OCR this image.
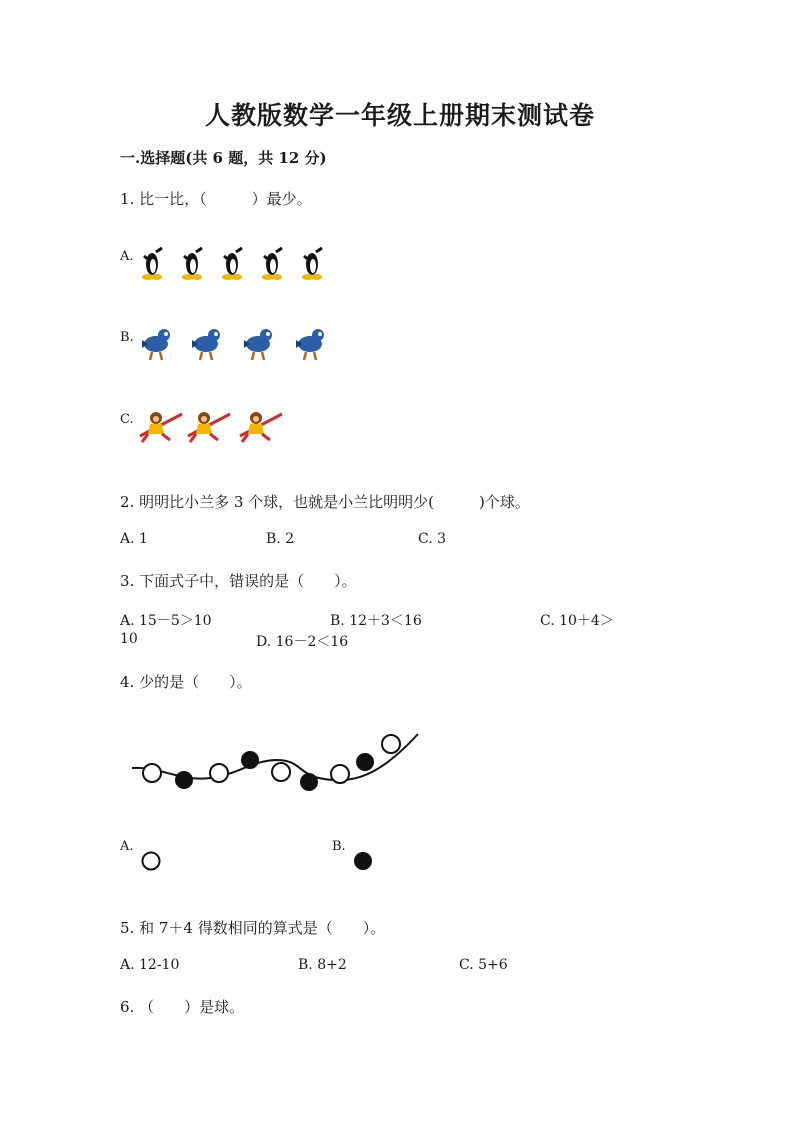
人教版数学一年级上册期末测试卷
一.选择题(共 6 题，共 12 分)
1. 比一比，（　　　）最少。
A.
B.
C.
2. 明明比小兰多 3 个球，也就是小兰比明明少(　　　)个球。
A. 1	B. 2	C. 3
3. 下面式子中，错误的是（　　）。
A. 15－5＞10	B. 12＋3＜16	C. 10＋4＞
10	D. 16－2＜16
4. 少的是（　　）。
A.	B.
5. 和 7＋4 得数相同的算式是（　　）。
A. 12-10	B. 8+2	C. 5+6
6. （　　）是球。
